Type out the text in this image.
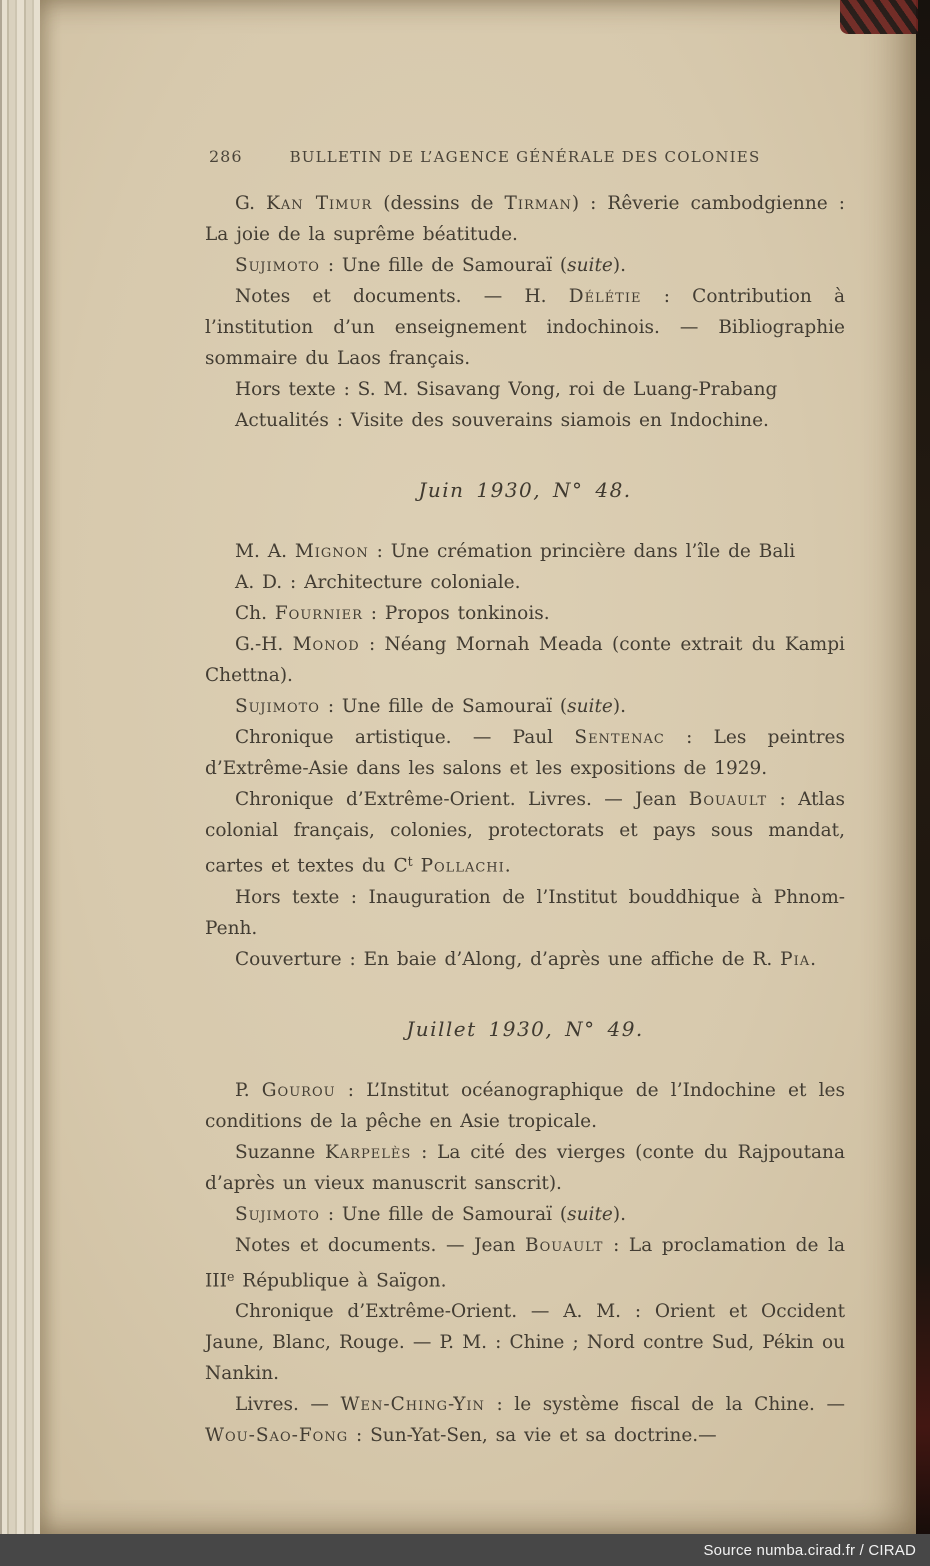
286	BULLETIN DE L’AGENCE GÉNÉRALE DES COLONIES

G. Kan Timur (dessins de Tirman) : Rêverie cambodgienne : La joie de la suprême béatitude.

Sujimoto : Une fille de Samouraï (suite).

Notes et documents. — H. Délétie : Contribution à l’institution d’un enseignement indochinois. — Bibliographie sommaire du Laos français.

Hors texte : S. M. Sisavang Vong, roi de Luang-Prabang

Actualités : Visite des souverains siamois en Indochine.

Juin 1930, N° 48.

M. A. Mignon : Une crémation princière dans l’île de Bali

A. D. : Architecture coloniale.

Ch. Fournier : Propos tonkinois.

G.-H. Monod : Néang Mornah Meada (conte extrait du Kampi Chettna).

Sujimoto : Une fille de Samouraï (suite).

Chronique artistique. — Paul Sentenac : Les peintres d’Extrême-Asie dans les salons et les expositions de 1929.

Chronique d’Extrême-Orient. Livres. — Jean Bouault : Atlas colonial français, colonies, protectorats et pays sous mandat, cartes et textes du $C^t$ Pollachi.

Hors texte : Inauguration de l’Institut bouddhique à Phnom-Penh.

Couverture : En baie d’Along, d’après une affiche de R. Pia.

Juillet 1930, N° 49.

P. Gourou : L’Institut océanographique de l’Indochine et les conditions de la pêche en Asie tropicale.

Suzanne Karpelès : La cité des vierges (conte du Rajpoutana d’après un vieux manuscrit sanscrit).

Sujimoto : Une fille de Samouraï (suite).

Notes et documents. — Jean Bouault : La proclamation de la IIIe République à Saïgon.

Chronique d’Extrême-Orient. — A. M. : Orient et Occident Jaune, Blanc, Rouge. — P. M. : Chine ; Nord contre Sud, Pékin ou Nankin.

Livres. — Wen-Ching-Yin : le système fiscal de la Chine. — Wou-Sao-Fong : Sun-Yat-Sen, sa vie et sa doctrine.—

Source numba.cirad.fr / CIRAD
